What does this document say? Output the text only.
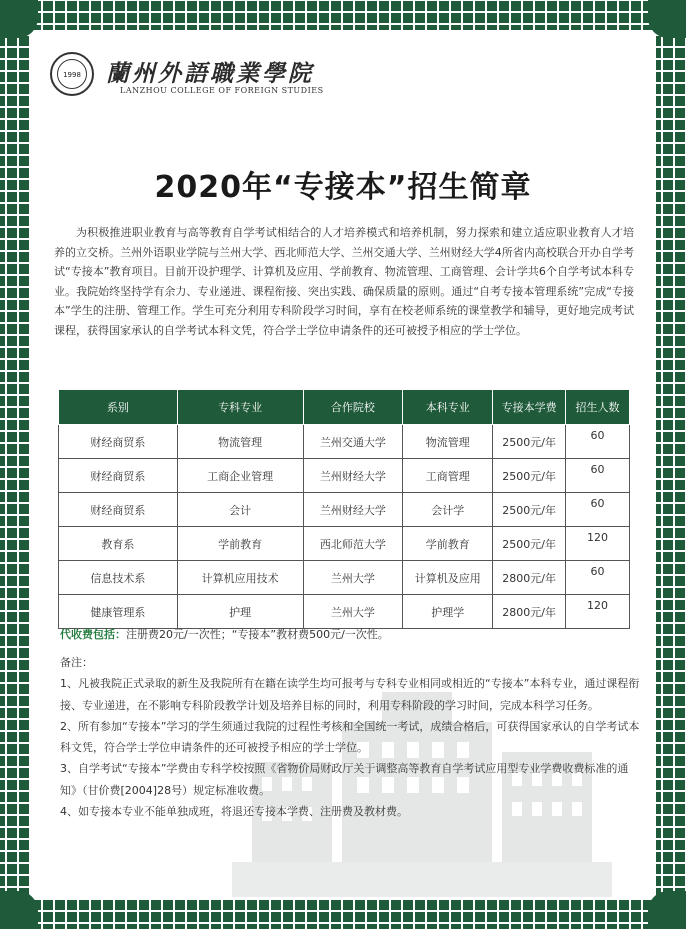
1998 蘭州外語職業學院
LANZHOU COLLEGE OF FOREIGN STUDIES
2020年“专接本”招生简章
为积极推进职业教育与高等教育自学考试相结合的人才培养模式和培养机制，努力探索和建立适应职业教育人才培养的立交桥。兰州外语职业学院与兰州大学、西北师范大学、兰州交通大学、兰州财经大学4所省内高校联合开办自学考试“专接本”教育项目。目前开设护理学、计算机及应用、学前教育、物流管理、工商管理、会计学共6个自学考试本科专业。我院始终坚持学有余力、专业递进、课程衔接、突出实践、确保质量的原则。通过“自考专接本管理系统”完成“专接本”学生的注册、管理工作。学生可充分利用专科阶段学习时间，享有在校老师系统的课堂教学和辅导，更好地完成考试课程，获得国家承认的自学考试本科文凭，符合学士学位申请条件的还可被授予相应的学士学位。
系别	专科专业	合作院校	本科专业	专接本学费	招生人数
财经商贸系	物流管理	兰州交通大学	物流管理	2500元/年	60
财经商贸系	工商企业管理	兰州财经大学	工商管理	2500元/年	60
财经商贸系	会计	兰州财经大学	会计学	2500元/年	60
教育系	学前教育	西北师范大学	学前教育	2500元/年	120
信息技术系	计算机应用技术	兰州大学	计算机及应用	2800元/年	60
健康管理系	护理	兰州大学	护理学	2800元/年	120
代收费包括：注册费20元/一次性；“专接本”教材费500元/一次性。

备注：

1、凡被我院正式录取的新生及我院所有在籍在读学生均可报考与专科专业相同或相近的“专接本”本科专业，通过课程衔接、专业递进，在不影响专科阶段教学计划及培养目标的同时，利用专科阶段的学习时间，完成本科学习任务。

2、所有参加“专接本”学习的学生须通过我院的过程性考核和全国统一考试，成绩合格后，可获得国家承认的自学考试本科文凭，符合学士学位申请条件的还可被授予相应的学士学位。

3、自学考试“专接本”学费由专科学校按照《省物价局财政厅关于调整高等教育自学考试应用型专业学费收费标准的通知》（甘价费[2004]28号）规定标准收费。

4、如专接本专业不能单独成班，将退还专接本学费、注册费及教材费。
